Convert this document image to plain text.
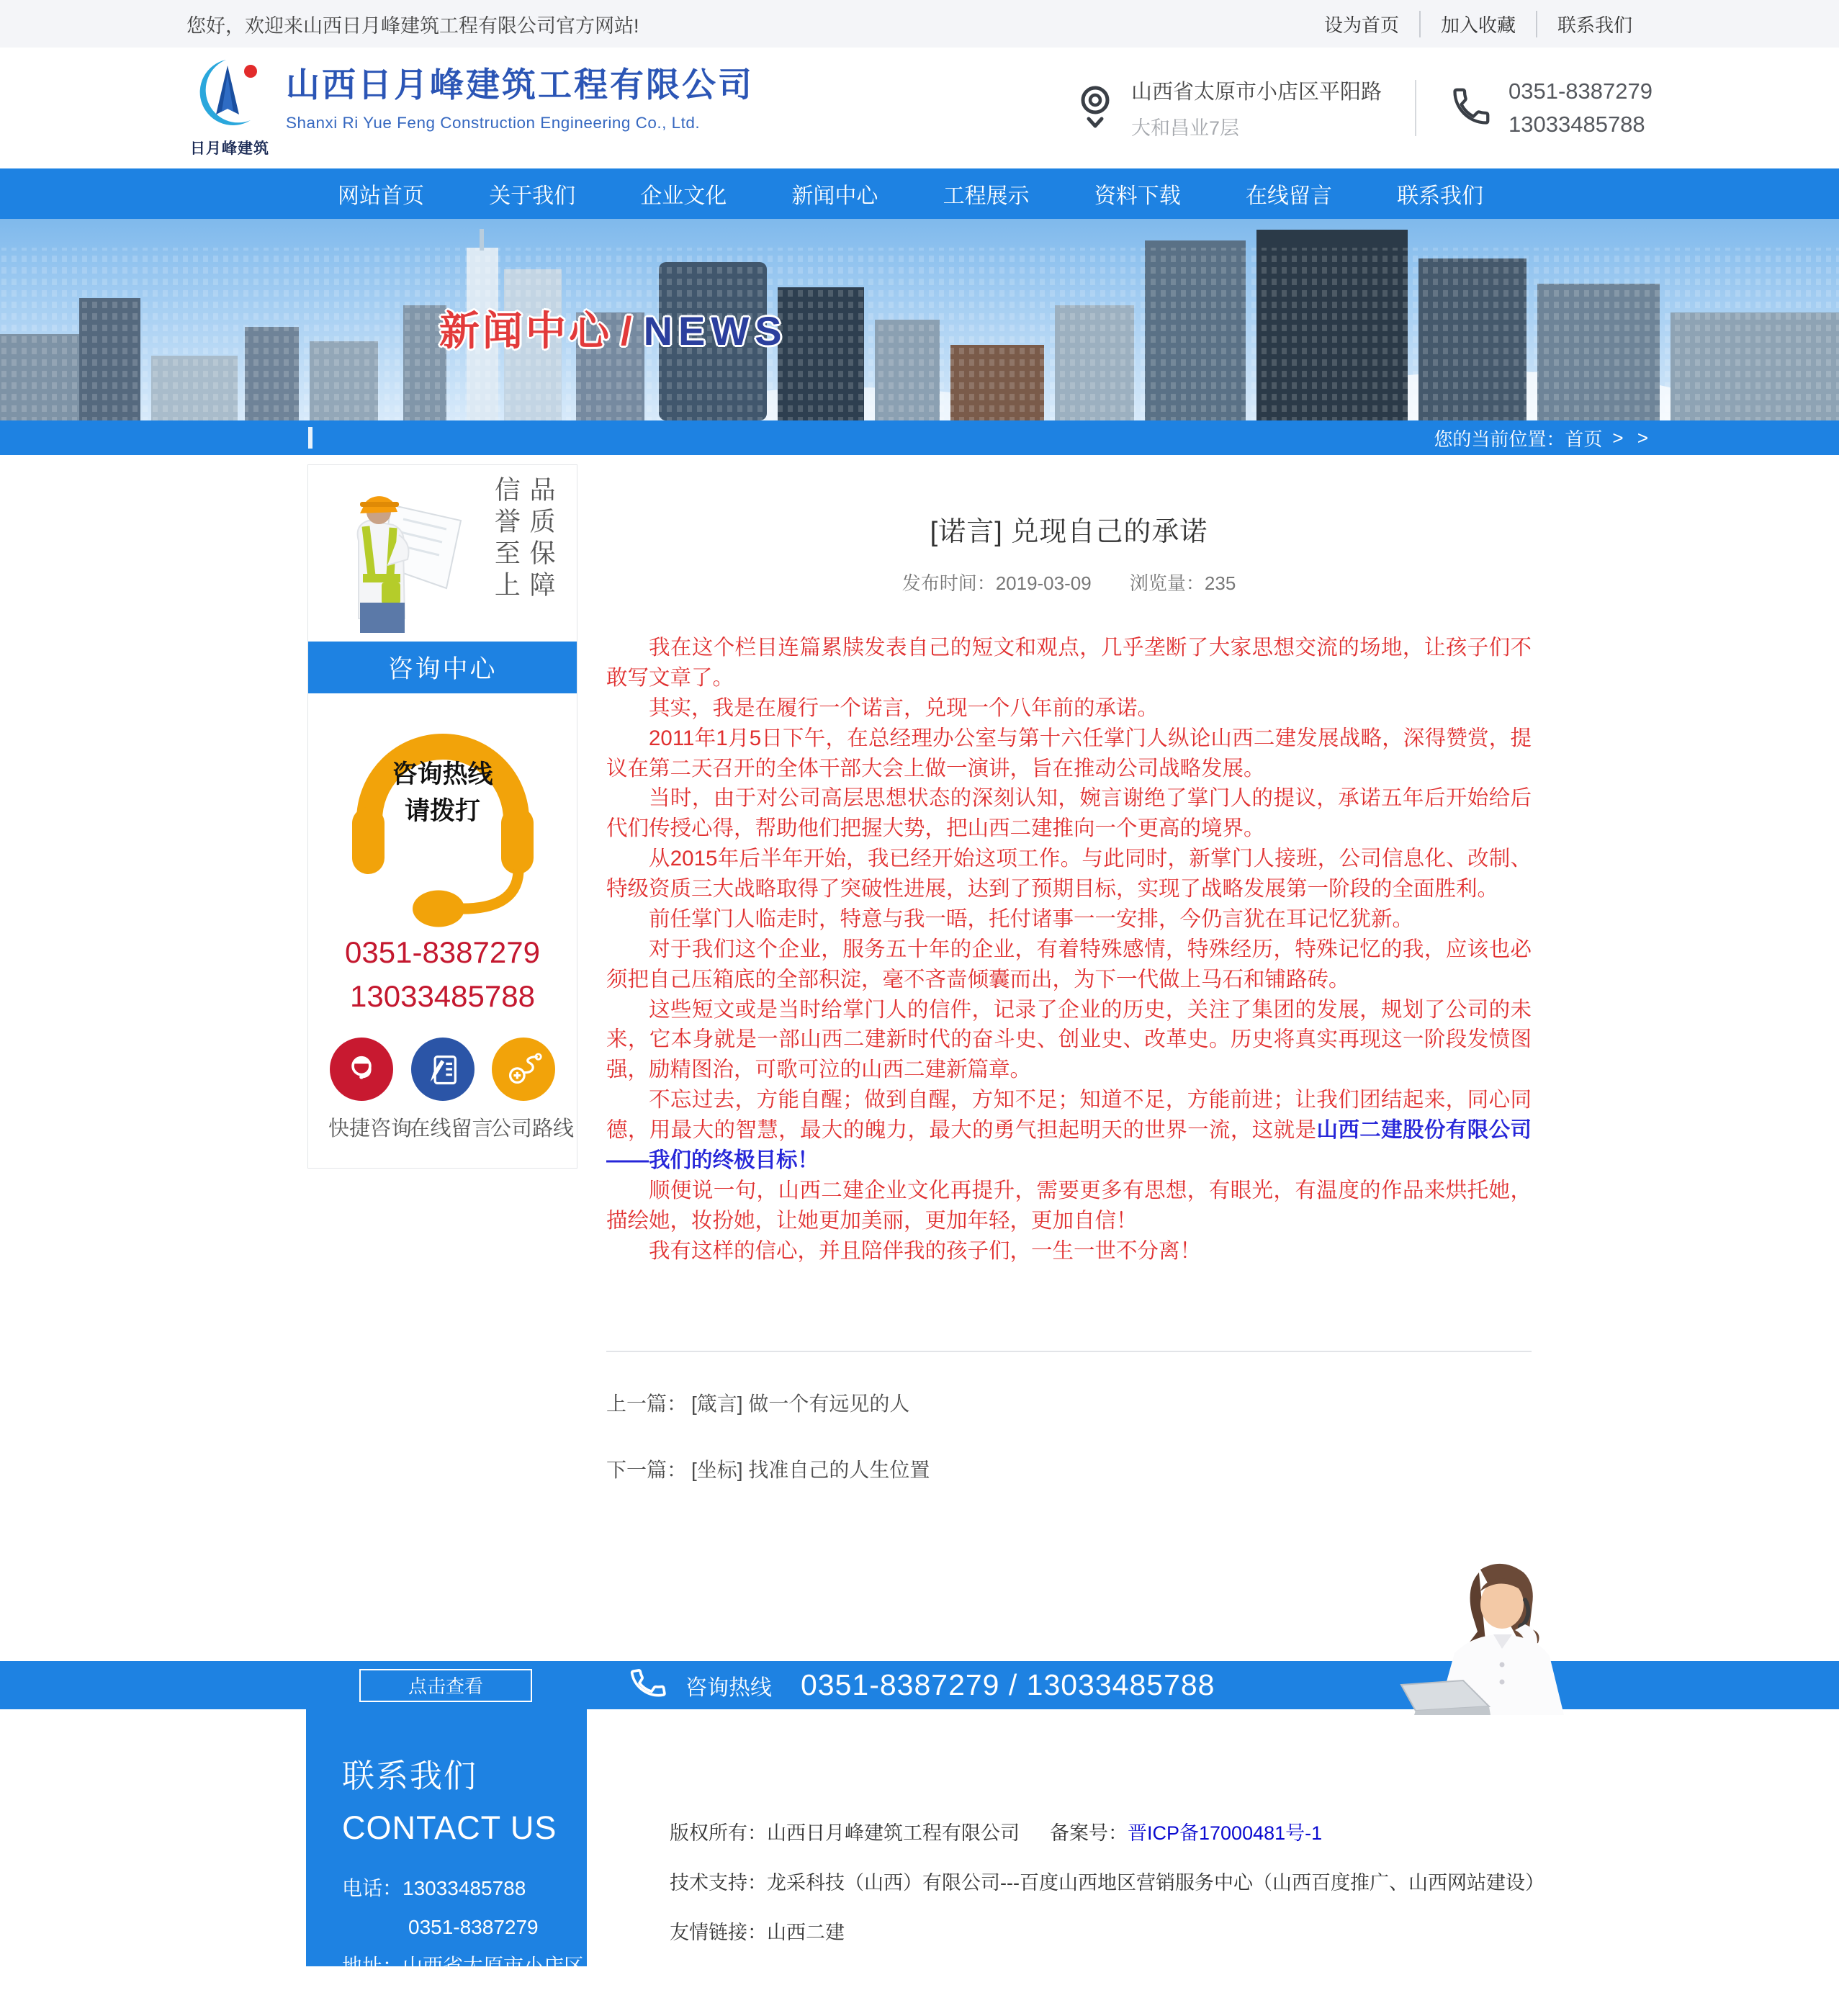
您好，欢迎来山西日月峰建筑工程有限公司官方网站!	设为首页	加入收藏	联系我们
日月峰建筑
山西日月峰建筑工程有限公司
Shanxi Ri Yue Feng Construction Engineering Co., Ltd.
山西省太原市小店区平阳路
大和昌业7层
0351-8387279
13033485788
网站首页	关于我们	企业文化	新闻中心	工程展示	资料下载	在线留言	联系我们
新闻中心 / NEWS
您的当前位置： 首页 > >
品质保障
信誉至上
咨询中心
咨询热线
请拨打
0351-8387279
13033485788
快捷咨询
在线留言
公司路线
[诺言] 兑现自己的承诺
发布时间：2019-03-09 浏览量：235

我在这个栏目连篇累牍发表自己的短文和观点，几乎垄断了大家思想交流的场地，让孩子们不敢写文章了。

其实，我是在履行一个诺言，兑现一个八年前的承诺。

2011年1月5日下午，在总经理办公室与第十六任掌门人纵论山西二建发展战略，深得赞赏，提议在第二天召开的全体干部大会上做一演讲，旨在推动公司战略发展。

当时，由于对公司高层思想状态的深刻认知，婉言谢绝了掌门人的提议，承诺五年后开始给后代们传授心得，帮助他们把握大势，把山西二建推向一个更高的境界。

从2015年后半年开始，我已经开始这项工作。与此同时，新掌门人接班，公司信息化、改制、特级资质三大战略取得了突破性进展，达到了预期目标，实现了战略发展第一阶段的全面胜利。

前任掌门人临走时，特意与我一晤，托付诸事一一安排，今仍言犹在耳记忆犹新。

对于我们这个企业，服务五十年的企业，有着特殊感情，特殊经历，特殊记忆的我，应该也必须把自己压箱底的全部积淀，毫不吝啬倾囊而出，为下一代做上马石和铺路砖。

这些短文或是当时给掌门人的信件，记录了企业的历史，关注了集团的发展，规划了公司的未来，它本身就是一部山西二建新时代的奋斗史、创业史、改革史。历史将真实再现这一阶段发愤图强，励精图治，可歌可泣的山西二建新篇章。

不忘过去，方能自醒；做到自醒，方知不足；知道不足，方能前进；让我们团结起来，同心同德，用最大的智慧，最大的魄力，最大的勇气担起明天的世界一流，这就是山西二建股份有限公司——我们的终极目标！

顺便说一句，山西二建企业文化再提升，需要更多有思想，有眼光，有温度的作品来烘托她，描绘她，妆扮她，让她更加美丽，更加年轻，更加自信！

我有这样的信心，并且陪伴我的孩子们，一生一世不分离！

上一篇： [箴言] 做一个有远见的人
下一篇： [坐标] 找准自己的人生位置
点击查看	咨询热线 0351-8387279 / 13033485788
联系我们
CONTACT US
电话： 13033485788
0351-8387279
地址： 山西省太原市小店区
平阳路大和昌业7层
版权所有： 山西日月峰建筑工程有限公司 备案号： 晋ICP备17000481号-1
技术支持： 龙采科技（山西）有限公司---百度山西地区营销服务中心（山西百度推广、山西网站建设）
友情链接： 山西二建
